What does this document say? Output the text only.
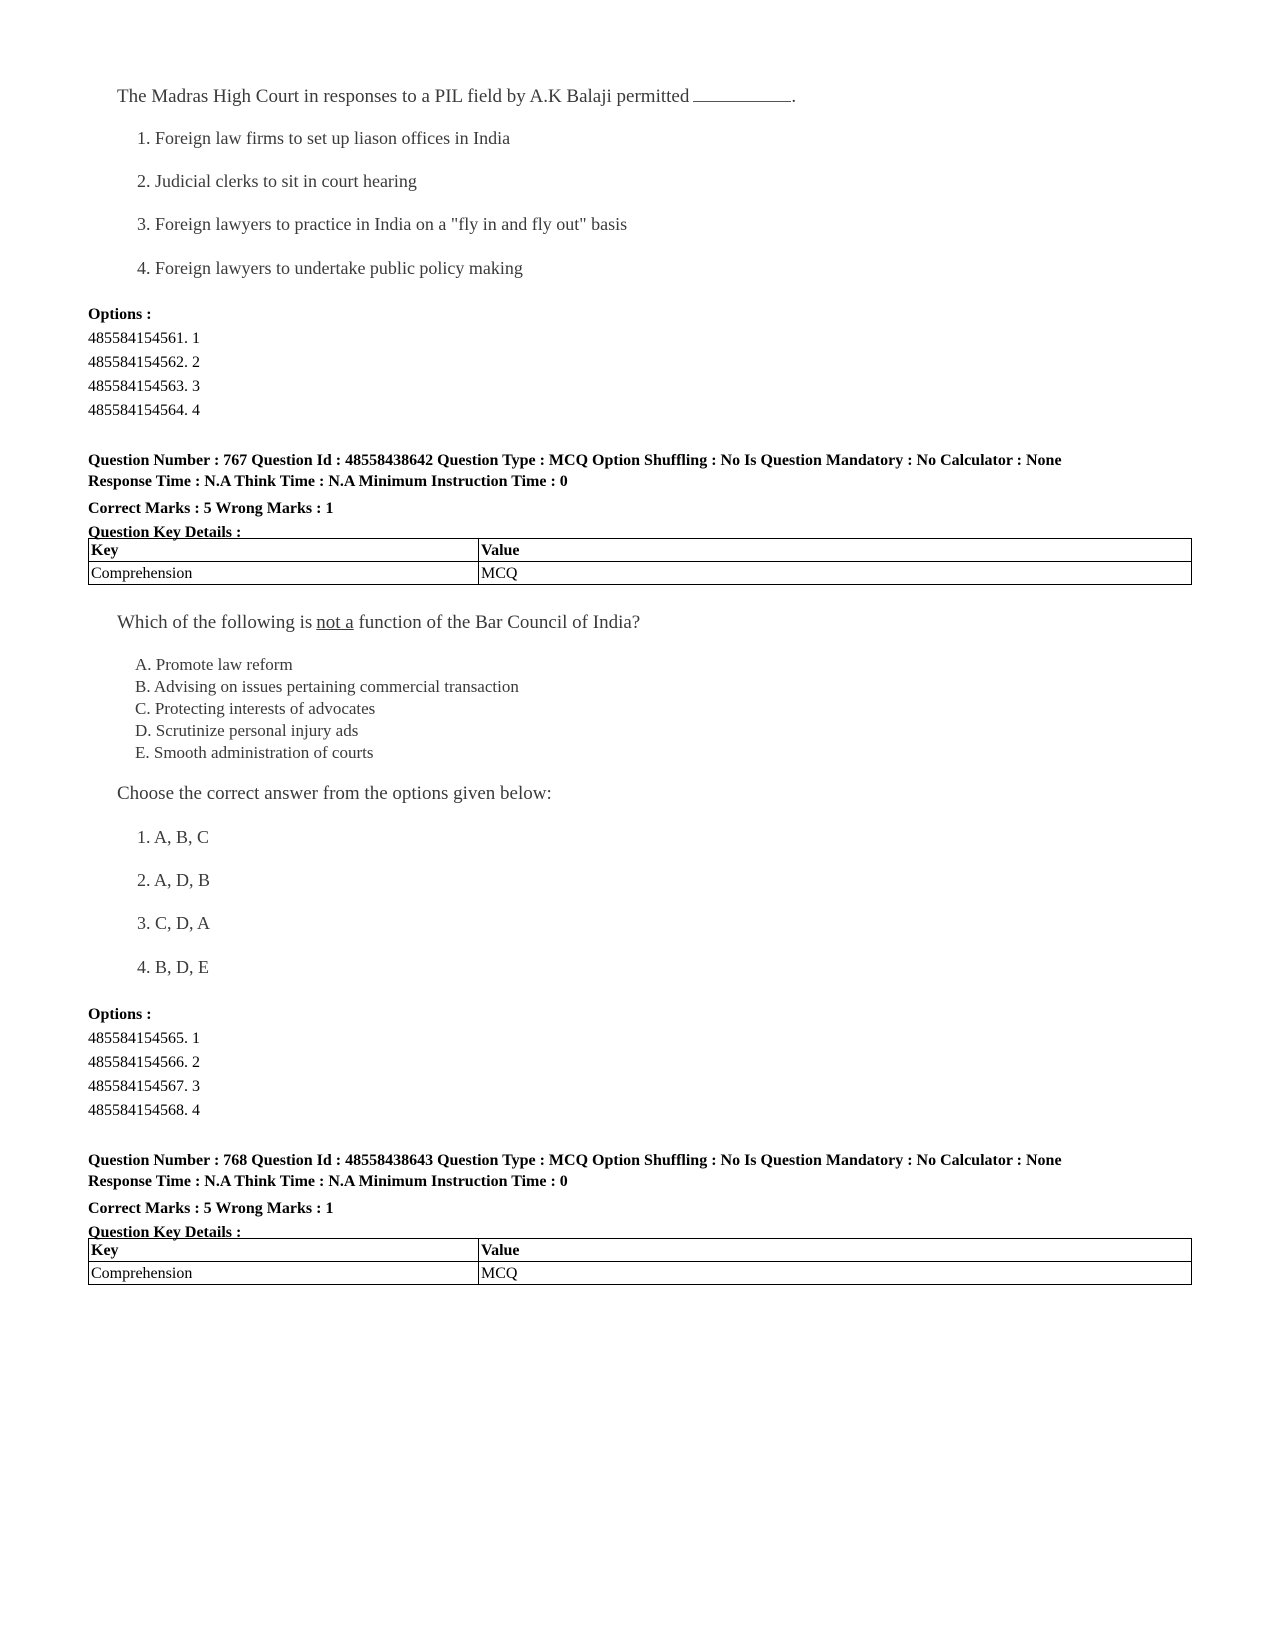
The Madras High Court in responses to a PIL field by A.K Balaji permitted	.
1. Foreign law firms to set up liason offices in India
2. Judicial clerks to sit in court hearing
3. Foreign lawyers to practice in India on a "fly in and fly out" basis
4. Foreign lawyers to undertake public policy making
Options :
485584154561. 1
485584154562. 2
485584154563. 3
485584154564. 4
Question Number : 767 Question Id : 48558438642 Question Type : MCQ Option Shuffling : No Is Question Mandatory : No Calculator : None
Response Time : N.A Think Time : N.A Minimum Instruction Time : 0
Correct Marks : 5 Wrong Marks : 1
Question Key Details :
Key	Value
Comprehension	MCQ
Which of the following is not a function of the Bar Council of India?
A. Promote law reform
B. Advising on issues pertaining commercial transaction
C. Protecting interests of advocates
D. Scrutinize personal injury ads
E. Smooth administration of courts
Choose the correct answer from the options given below:
1. A, B, C
2. A, D, B
3. C, D, A
4. B, D, E
Options :
485584154565. 1
485584154566. 2
485584154567. 3
485584154568. 4
Question Number : 768 Question Id : 48558438643 Question Type : MCQ Option Shuffling : No Is Question Mandatory : No Calculator : None
Response Time : N.A Think Time : N.A Minimum Instruction Time : 0
Correct Marks : 5 Wrong Marks : 1
Question Key Details :
Key	Value
Comprehension	MCQ
